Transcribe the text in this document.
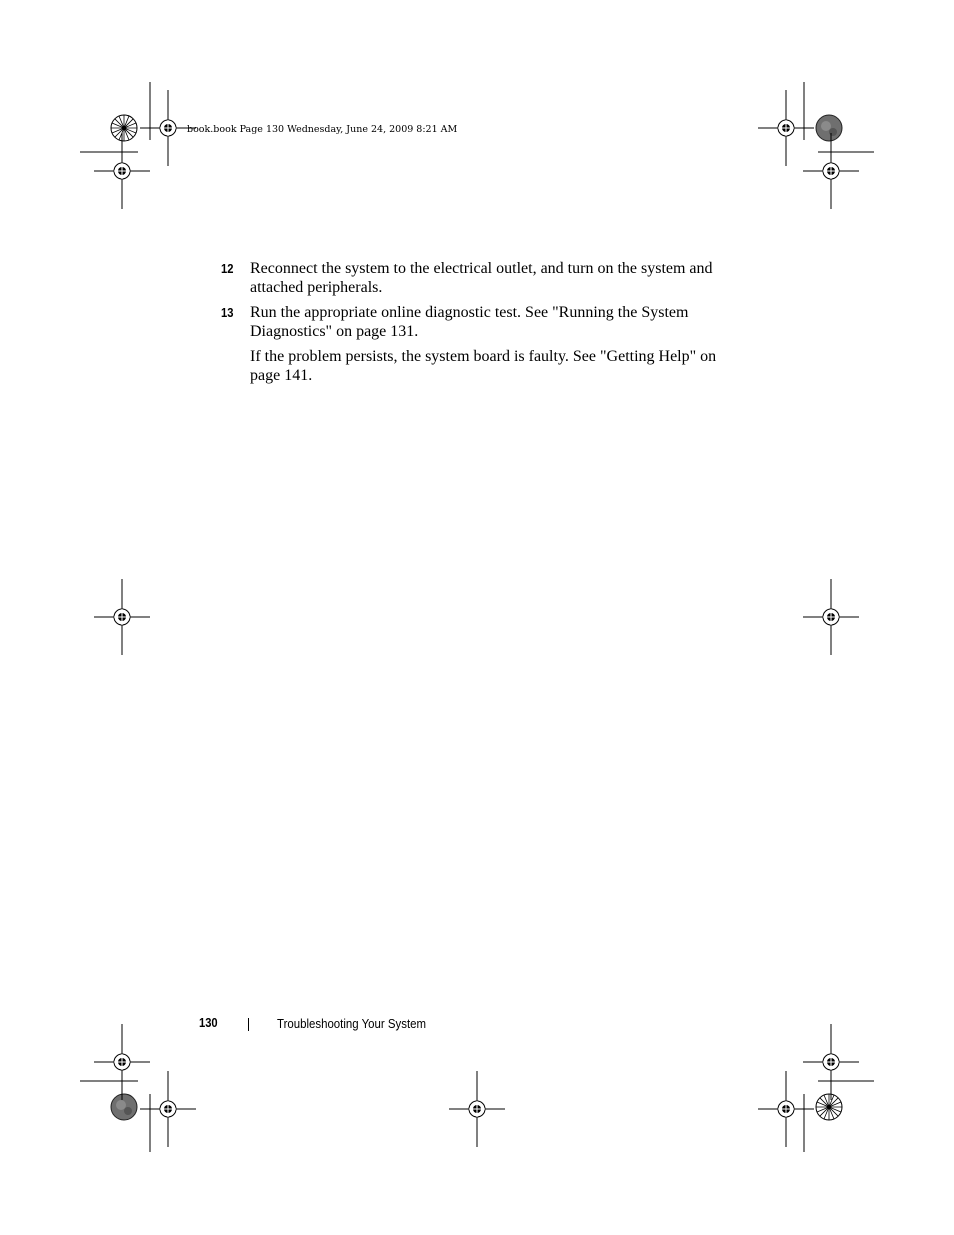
book.book Page 130 Wednesday, June 24, 2009 8:21 AM
12 Reconnect the system to the electrical outlet, and turn on the system and attached peripherals.
13 Run the appropriate online diagnostic test. See "Running the System Diagnostics" on page 131.

If the problem persists, the system board is faulty. See "Getting Help" on page 141.

130	Troubleshooting Your System
